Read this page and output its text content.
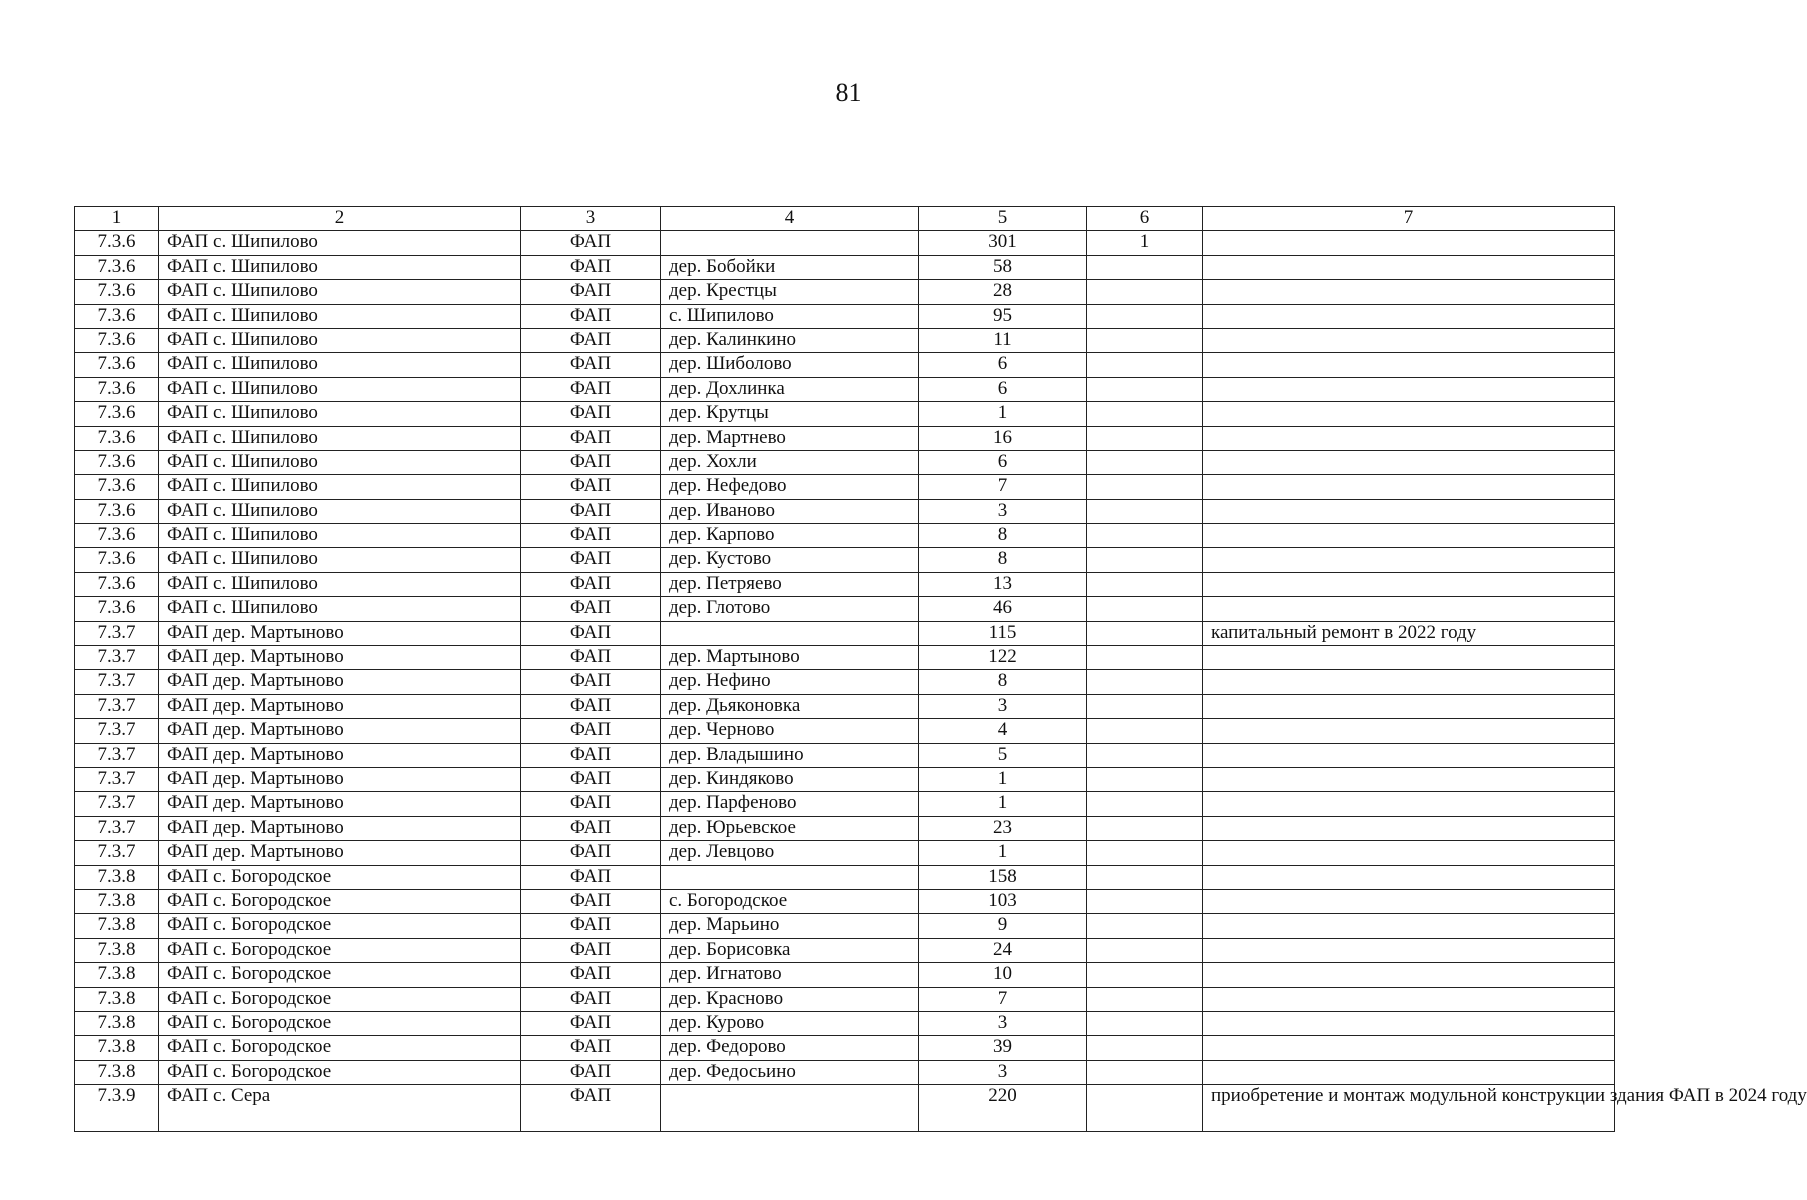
81
1	2	3	4	5	6	7
7.3.6	ФАП с. Шипилово	ФАП		301	1	
7.3.6	ФАП с. Шипилово	ФАП	дер. Бобойки	58		
7.3.6	ФАП с. Шипилово	ФАП	дер. Крестцы	28		
7.3.6	ФАП с. Шипилово	ФАП	с. Шипилово	95		
7.3.6	ФАП с. Шипилово	ФАП	дер. Калинкино	11		
7.3.6	ФАП с. Шипилово	ФАП	дер. Шиболово	6		
7.3.6	ФАП с. Шипилово	ФАП	дер. Дохлинка	6		
7.3.6	ФАП с. Шипилово	ФАП	дер. Крутцы	1		
7.3.6	ФАП с. Шипилово	ФАП	дер. Мартнево	16		
7.3.6	ФАП с. Шипилово	ФАП	дер. Хохли	6		
7.3.6	ФАП с. Шипилово	ФАП	дер. Нефедово	7		
7.3.6	ФАП с. Шипилово	ФАП	дер. Иваново	3		
7.3.6	ФАП с. Шипилово	ФАП	дер. Карпово	8		
7.3.6	ФАП с. Шипилово	ФАП	дер. Кустово	8		
7.3.6	ФАП с. Шипилово	ФАП	дер. Петряево	13		
7.3.6	ФАП с. Шипилово	ФАП	дер. Глотово	46		
7.3.7	ФАП дер. Мартыново	ФАП		115		капитальный ремонт в 2022 году
7.3.7	ФАП дер. Мартыново	ФАП	дер. Мартыново	122		
7.3.7	ФАП дер. Мартыново	ФАП	дер. Нефино	8		
7.3.7	ФАП дер. Мартыново	ФАП	дер. Дьяконовка	3		
7.3.7	ФАП дер. Мартыново	ФАП	дер. Черново	4		
7.3.7	ФАП дер. Мартыново	ФАП	дер. Владышино	5		
7.3.7	ФАП дер. Мартыново	ФАП	дер. Киндяково	1		
7.3.7	ФАП дер. Мартыново	ФАП	дер. Парфеново	1		
7.3.7	ФАП дер. Мартыново	ФАП	дер. Юрьевское	23		
7.3.7	ФАП дер. Мартыново	ФАП	дер. Левцово	1		
7.3.8	ФАП с. Богородское	ФАП		158		
7.3.8	ФАП с. Богородское	ФАП	с. Богородское	103		
7.3.8	ФАП с. Богородское	ФАП	дер. Марьино	9		
7.3.8	ФАП с. Богородское	ФАП	дер. Борисовка	24		
7.3.8	ФАП с. Богородское	ФАП	дер. Игнатово	10		
7.3.8	ФАП с. Богородское	ФАП	дер. Красново	7		
7.3.8	ФАП с. Богородское	ФАП	дер. Курово	3		
7.3.8	ФАП с. Богородское	ФАП	дер. Федорово	39		
7.3.8	ФАП с. Богородское	ФАП	дер. Федосьино	3		
7.3.9	ФАП с. Сера	ФАП		220		приобретение и монтаж модульной конструкции здания ФАП в 2024 году
